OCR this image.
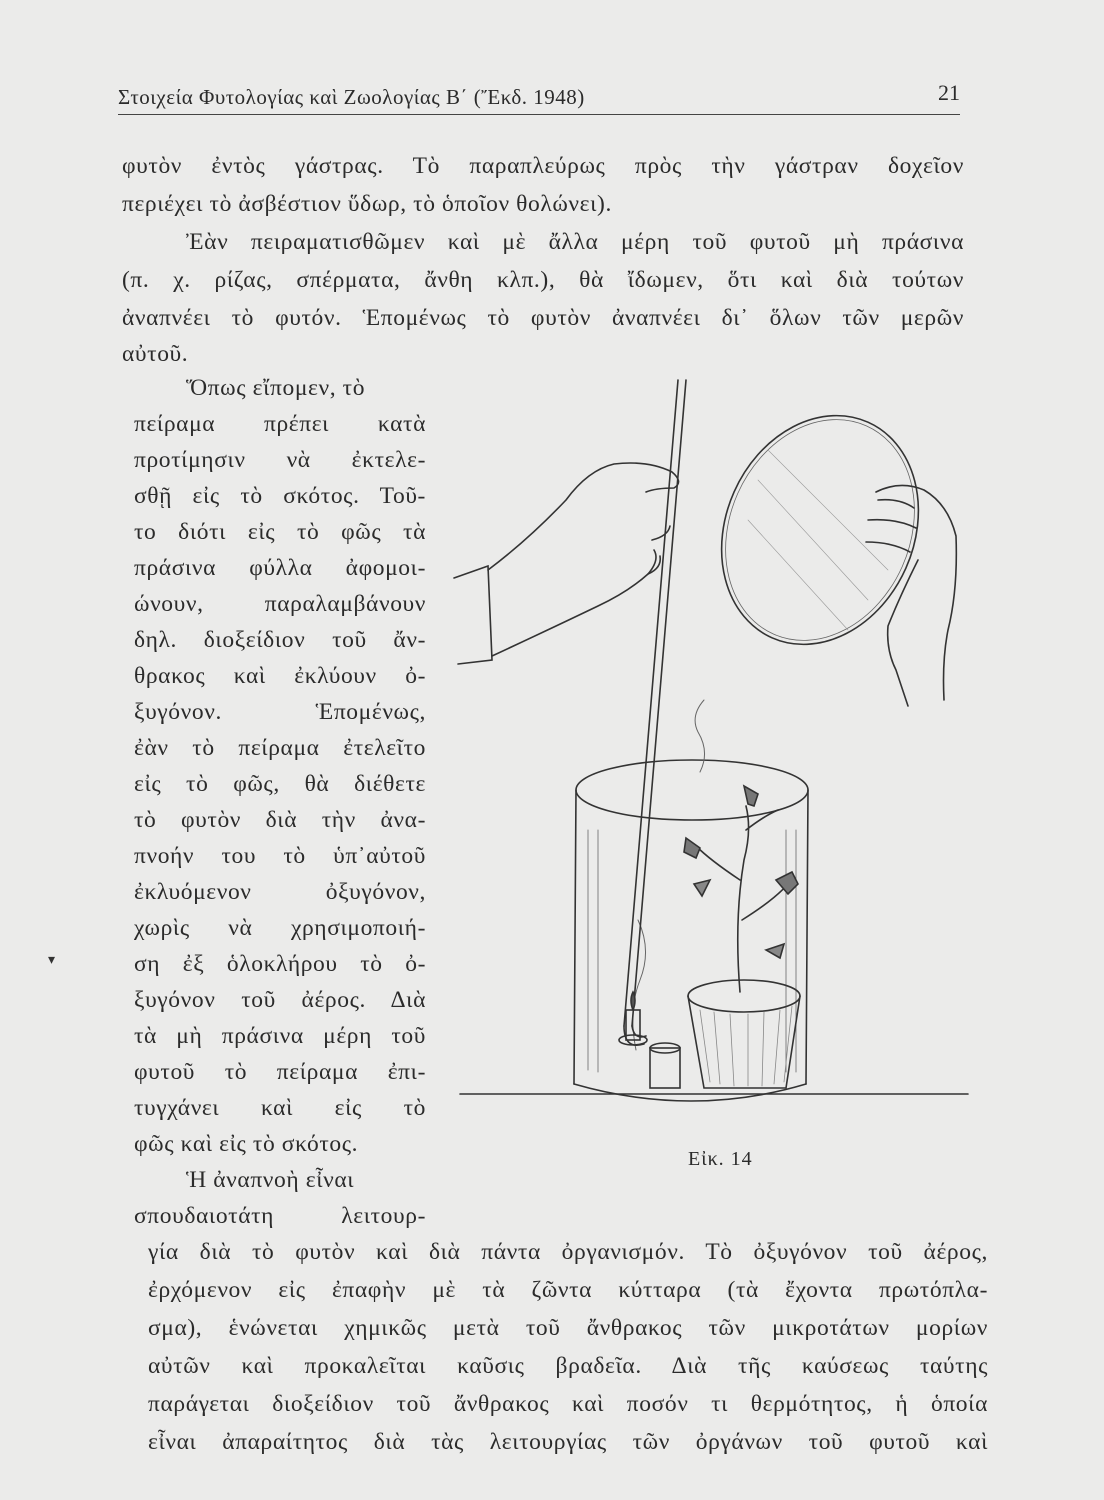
Στοιχεία Φυτολογίας καὶ Ζωολογίας Β΄ (Ἔκδ. 1948)	21
φυτὸν ἐντὸς γάστρας. Τὸ παραπλεύρως πρὸς τὴν γάστραν δοχεῖον
περιέχει τὸ ἀσβέστιον ὕδωρ, τὸ ὁποῖον θολώνει).
Ἐὰν πειραματισθῶμεν καὶ μὲ ἄλλα μέρη τοῦ φυτοῦ μὴ πράσινα
(π. χ. ρίζας, σπέρματα, ἄνθη κλπ.), θὰ ἴδωμεν, ὅτι καὶ διὰ τούτων
ἀναπνέει τὸ φυτόν. Ἑπομένως τὸ φυτὸν ἀναπνέει δι᾿ ὅλων τῶν μερῶν
αὐτοῦ.
Ὅπως εἴπομεν, τὸ
πείραμα πρέπει κατὰ
προτίμησιν νὰ ἐκτελε-
σθῇ εἰς τὸ σκότος. Τοῦ-
το διότι εἰς τὸ φῶς τὰ
πράσινα φύλλα ἀφομοι-
ώνουν, παραλαμβάνουν
δηλ. διοξείδιον τοῦ ἄν-
θρακος καὶ ἐκλύουν ὀ-
ξυγόνον. Ἑπομένως,
ἐὰν τὸ πείραμα ἐτελεῖτο
εἰς τὸ φῶς, θὰ διέθετε
τὸ φυτὸν διὰ τὴν ἀνα-
πνοήν του τὸ ὑπ᾿αὐτοῦ
ἐκλυόμενον ὀξυγόνον,
χωρὶς νὰ χρησιμοποιή-
ση ἐξ ὁλοκλήρου τὸ ὀ-
ξυγόνον τοῦ ἀέρος. Διὰ
τὰ μὴ πράσινα μέρη τοῦ
φυτοῦ τὸ πείραμα ἐπι-
τυγχάνει καὶ εἰς τὸ
φῶς καὶ εἰς τὸ σκότος.
Ἡ ἀναπνοὴ εἶναι
σπουδαιοτάτη λειτουρ-
γία διὰ τὸ φυτὸν καὶ διὰ πάντα ὀργανισμόν. Τὸ ὀξυγόνον τοῦ ἀέρος,
ἐρχόμενον εἰς ἐπαφὴν μὲ τὰ ζῶντα κύτταρα (τὰ ἔχοντα πρωτόπλα-
σμα), ἑνώνεται χημικῶς μετὰ τοῦ ἄνθρακος τῶν μικροτάτων μορίων
αὐτῶν καὶ προκαλεῖται καῦσις βραδεῖα. Διὰ τῆς καύσεως ταύτης
παράγεται διοξείδιον τοῦ ἄνθρακος καὶ ποσόν τι θερμότητος, ἡ ὁποία
εἶναι ἀπαραίτητος διὰ τὰς λειτουργίας τῶν ὀργάνων τοῦ φυτοῦ καὶ
Εἰκ. 14
▾
